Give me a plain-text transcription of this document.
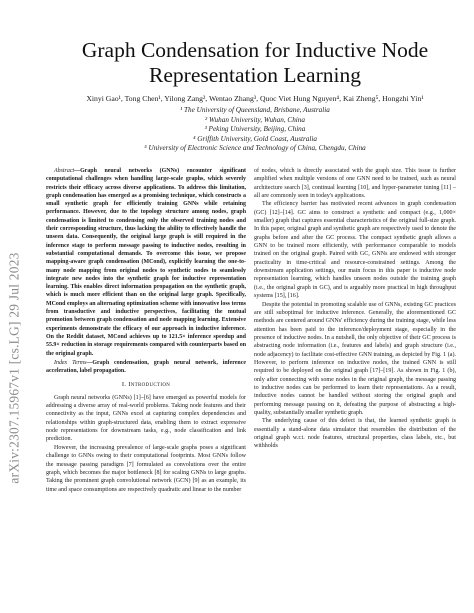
arXiv:2307.15967v1 [cs.LG] 29 Jul 2023
Graph Condensation for Inductive Node Representation Learning
Xinyi Gao¹, Tong Chen¹, Yilong Zang², Wentao Zhang³, Quoc Viet Hung Nguyen⁴, Kai Zheng⁵, Hongzhi Yin¹
¹ The University of Queensland, Brisbane, Australia
² Wuhan University, Wuhan, China
³ Peking University, Beijing, China
⁴ Griffith University, Gold Coast, Australia
⁵ University of Electronic Science and Technology of China, Chengdu, China

Abstract—Graph neural networks (GNNs) encounter significant computational challenges when handling large-scale graphs, which severely restricts their efficacy across diverse applications. To address this limitation, graph condensation has emerged as a promising technique, which constructs a small synthetic graph for efficiently training GNNs while retaining performance. However, due to the topology structure among nodes, graph condensation is limited to condensing only the observed training nodes and their corresponding structure, thus lacking the ability to effectively handle the unseen data. Consequently, the original large graph is still required in the inference stage to perform message passing to inductive nodes, resulting in substantial computational demands. To overcome this issue, we propose mapping-aware graph condensation (MCond), explicitly learning the one-to-many node mapping from original nodes to synthetic nodes to seamlessly integrate new nodes into the synthetic graph for inductive representation learning. This enables direct information propagation on the synthetic graph, which is much more efficient than on the original large graph. Specifically, MCond employs an alternating optimization scheme with innovative loss terms from transductive and inductive perspectives, facilitating the mutual promotion between graph condensation and node mapping learning. Extensive experiments demonstrate the efficacy of our approach in inductive inference. On the Reddit dataset, MCond achieves up to 121.5× inference speedup and 55.9× reduction in storage requirements compared with counterparts based on the original graph.

Index Terms—Graph condensation, graph neural network, inference acceleration, label propagation.

I. Introduction

Graph neural networks (GNNs) [1]–[6] have emerged as powerful models for addressing a diverse array of real-world problems. Taking node features and their connectivity as the input, GNNs excel at capturing complex dependencies and relationships within graph-structured data, enabling them to extract expressive node representations for downstream tasks, e.g., node classification and link prediction.

However, the increasing prevalence of large-scale graphs poses a significant challenge to GNNs owing to their computational footprints. Most GNNs follow the message passing paradigm [7] formulated as convolutions over the entire graph, which becomes the major bottleneck [8] for scaling GNNs to large graphs. Taking the prominent graph convolutional network (GCN) [9] as an example, its time and space consumptions are respectively quadratic and linear to the number

of nodes, which is directly associated with the graph size. This issue is further amplified when multiple versions of one GNN need to be trained, such as neural architecture search [3], continual learning [10], and hyper-parameter tuning [11] – all are commonly seen in today's applications.

The efficiency barrier has motivated recent advances in graph condensation (GC) [12]–[14]. GC aims to construct a synthetic and compact (e.g., 1,000× smaller) graph that captures essential characteristics of the original full-size graph. In this paper, original graph and synthetic graph are respectively used to denote the graphs before and after the GC process. The compact synthetic graph allows a GNN to be trained more efficiently, with performance comparable to models trained on the original graph. Paired with GC, GNNs are endowed with stronger practicality in time-critical and resource-constrained settings. Among the downstream application settings, our main focus in this paper is inductive node representation learning, which handles unseen nodes outside the training graph (i.e., the original graph in GC), and is arguably more practical in high throughput systems [15], [16].

Despite the potential in promoting scalable use of GNNs, existing GC practices are still suboptimal for inductive inference. Generally, the aforementioned GC methods are centered around GNNs' efficiency during the training stage, while less attention has been paid to the inference/deployment stage, especially in the presence of inductive nodes. In a nutshell, the only objective of their GC process is abstracting node information (i.e., features and labels) and graph structure (i.e., node adjacency) to facilitate cost-effective GNN training, as depicted by Fig. 1 (a). However, to perform inference on inductive nodes, the trained GNN is still required to be deployed on the original graph [17]–[19]. As shown in Fig. 1 (b), only after connecting with some nodes in the original graph, the message passing to inductive nodes can be performed to learn their representations. As a result, inductive nodes cannot be handled without storing the original graph and performing message passing on it, defeating the purpose of abstracting a high-quality, substantially smaller synthetic graph.

The underlying cause of this defect is that, the learned synthetic graph is essentially a stand-alone data simulator that resembles the distribution of the original graph w.r.t. node features, structural properties, class labels, etc., but withholds
